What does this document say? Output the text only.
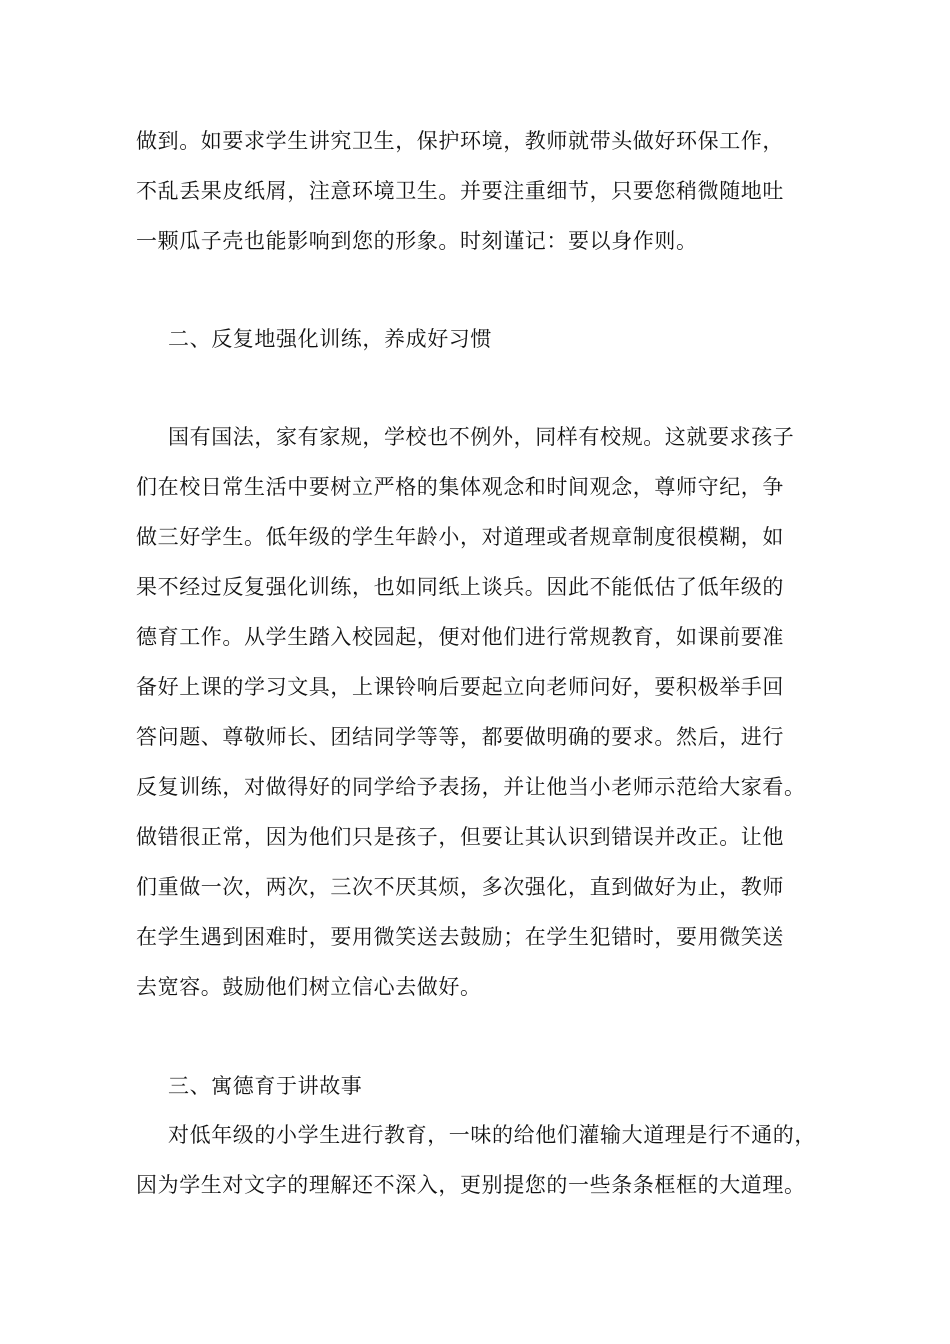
做到。如要求学生讲究卫生，保护环境，教师就带头做好环保工作，
不乱丢果皮纸屑，注意环境卫生。并要注重细节，只要您稍微随地吐
一颗瓜子壳也能影响到您的形象。时刻谨记：要以身作则。
二、反复地强化训练，养成好习惯
国有国法，家有家规，学校也不例外，同样有校规。这就要求孩子
们在校日常生活中要树立严格的集体观念和时间观念，尊师守纪，争
做三好学生。低年级的学生年龄小，对道理或者规章制度很模糊，如
果不经过反复强化训练，也如同纸上谈兵。因此不能低估了低年级的
德育工作。从学生踏入校园起，便对他们进行常规教育，如课前要准
备好上课的学习文具，上课铃响后要起立向老师问好，要积极举手回
答问题、尊敬师长、团结同学等等，都要做明确的要求。然后，进行
反复训练，对做得好的同学给予表扬，并让他当小老师示范给大家看。
做错很正常，因为他们只是孩子，但要让其认识到错误并改正。让他
们重做一次，两次，三次不厌其烦，多次强化，直到做好为止，教师
在学生遇到困难时，要用微笑送去鼓励；在学生犯错时，要用微笑送
去宽容。鼓励他们树立信心去做好。
三、寓德育于讲故事
对低年级的小学生进行教育，一味的给他们灌输大道理是行不通的，
因为学生对文字的理解还不深入，更别提您的一些条条框框的大道理。
